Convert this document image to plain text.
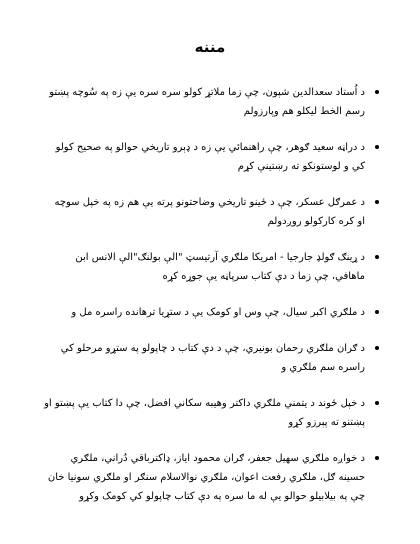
مننه
د اُستاد سعدالدين شپون، چې زما ملاتړ کولو سره سره يې زه په سُوچه پښتو رسم الخط ليکلو هم وپارزولم
د دراڼه سعيد ګوهر، چې راهنمائي يې زه د ډېرو تاريخي حوالو په صحيح کولو کي و لوستونکو ته رښتينې کړم
د عمرګل عسکر، چې د ځينو تاريخي وضاحتونو پرته يې هم زه په خپل سوچه او کره کارکولو روږدولم
د ړينګ ګولډ جارجيا - امريکا ملګري آرتيسټ "الې بولنګ"الې الانس ابن ماهافي، چې زما د دې کتاب سرپاڼه يې جوړه کړه
د ملګري اکبر سيال، چې وس او کومک يې د ستړيا ترهانده راسره مل و
د ګران ملګري رحمان بونيري، چې د دې کتاب د چاپولو په ستړو مرحلو کي راسره سم ملګري و
د خپل ځوند د يتمني ملګري داکتر وهيبه سکاني افضل، چې دا کتاب يې پښتو او پښتنو ته پېرزو کړو
د خواږه ملګري سهيل جعفر، ګران محمود اياز، ډاکترباقي دُراني، ملګري حسينه ګل، ملګري رفعت اعوان، ملګري نوالاسلام سنګر او ملګري سونيا خان چې په بيلابيلو حوالو يې له ما سره په دې کتاب چاپولو کي کومک وکړو
